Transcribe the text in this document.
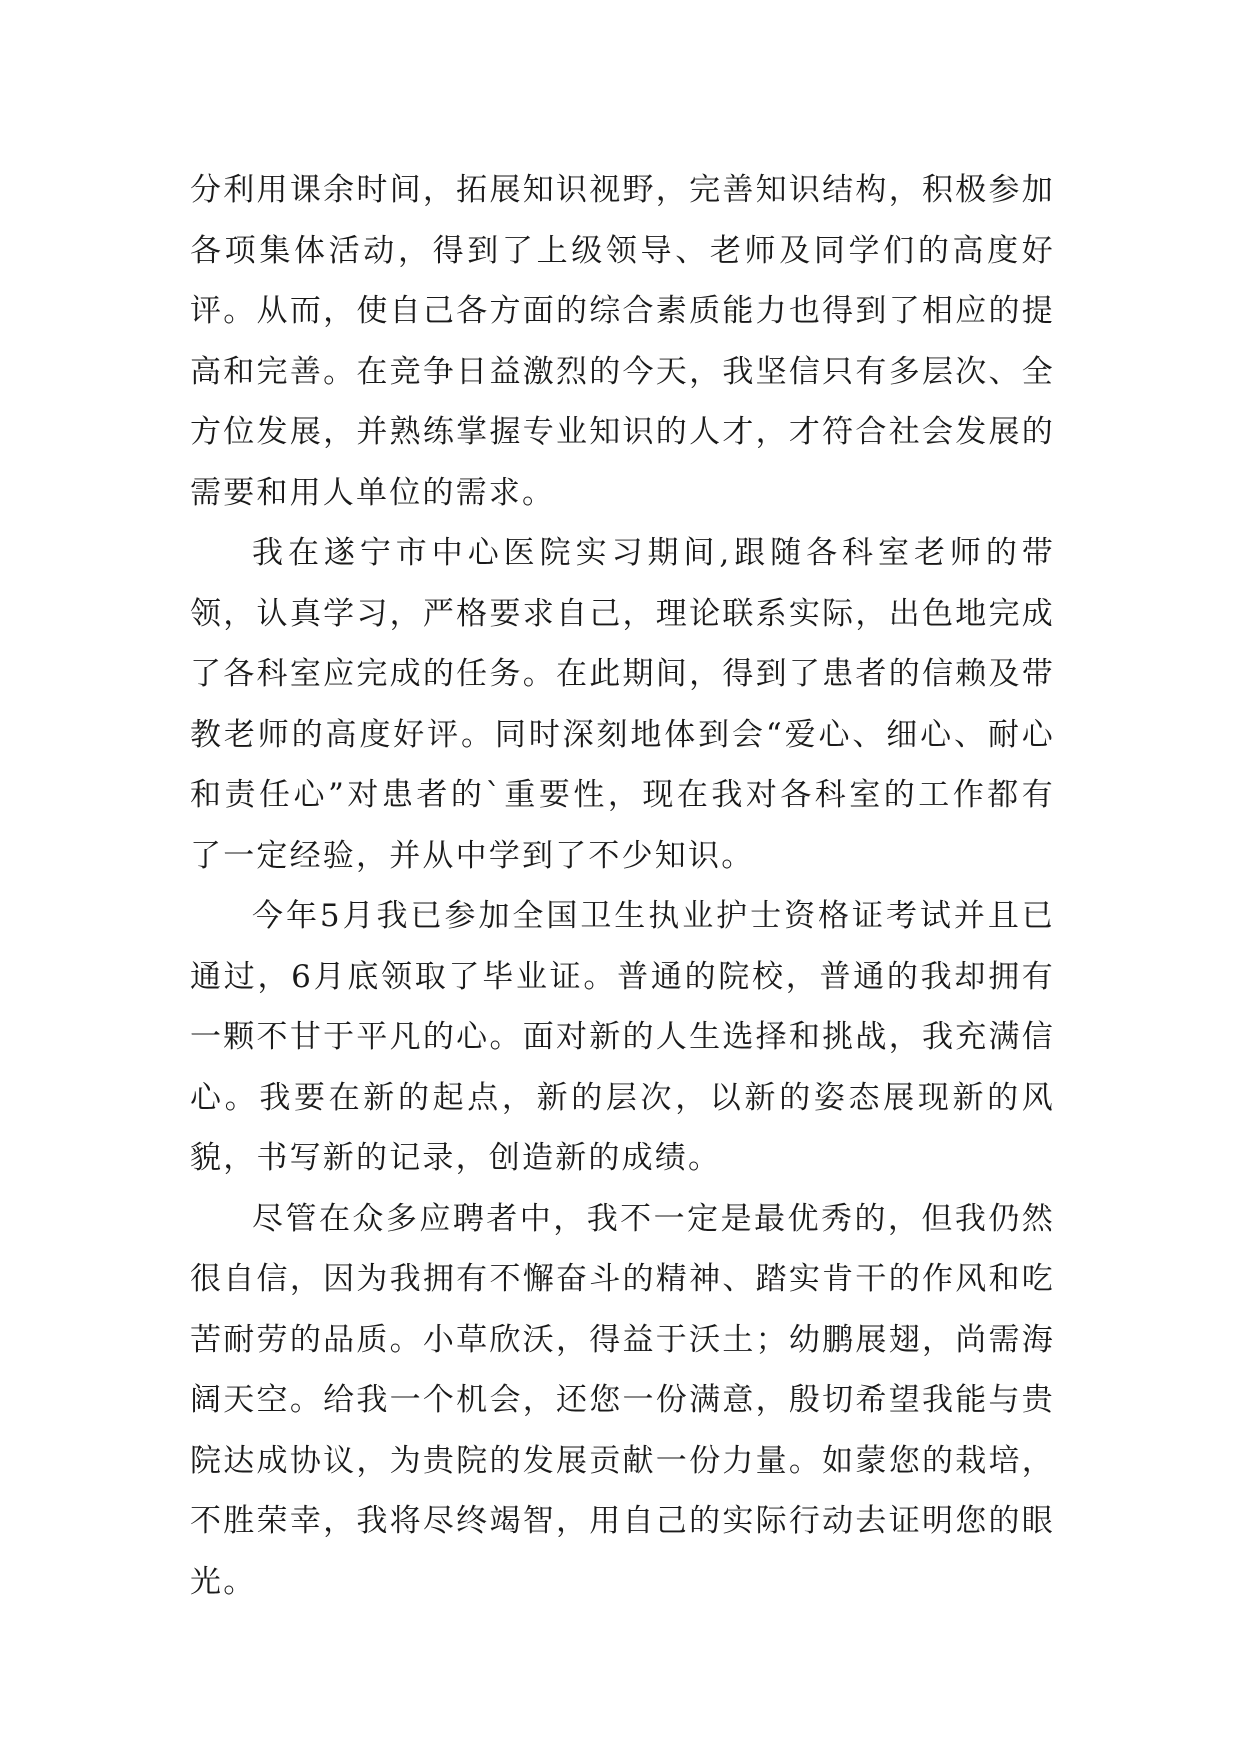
分利用课余时间，拓展知识视野，完善知识结构，积极参加各项集体活动，得到了上级领导、老师及同学们的高度好评。从而，使自己各方面的综合素质能力也得到了相应的提高和完善。在竞争日益激烈的今天，我坚信只有多层次、全方位发展，并熟练掌握专业知识的人才，才符合社会发展的需要和用人单位的需求。

我在遂宁市中心医院实习期间,跟随各科室老师的带领，认真学习，严格要求自己，理论联系实际，出色地完成了各科室应完成的任务。在此期间，得到了患者的信赖及带教老师的高度好评。同时深刻地体到会“爱心、细心、耐心和责任心”对患者的`重要性，现在我对各科室的工作都有了一定经验，并从中学到了不少知识。

今年5月我已参加全国卫生执业护士资格证考试并且已通过，6月底领取了毕业证。普通的院校，普通的我却拥有一颗不甘于平凡的心。面对新的人生选择和挑战，我充满信心。我要在新的起点，新的层次，以新的姿态展现新的风貌，书写新的记录，创造新的成绩。

尽管在众多应聘者中，我不一定是最优秀的，但我仍然很自信，因为我拥有不懈奋斗的精神、踏实肯干的作风和吃苦耐劳的品质。小草欣沃，得益于沃土；幼鹏展翅，尚需海阔天空。给我一个机会，还您一份满意，殷切希望我能与贵院达成协议，为贵院的发展贡献一份力量。如蒙您的栽培，不胜荣幸，我将尽终竭智，用自己的实际行动去证明您的眼光。
